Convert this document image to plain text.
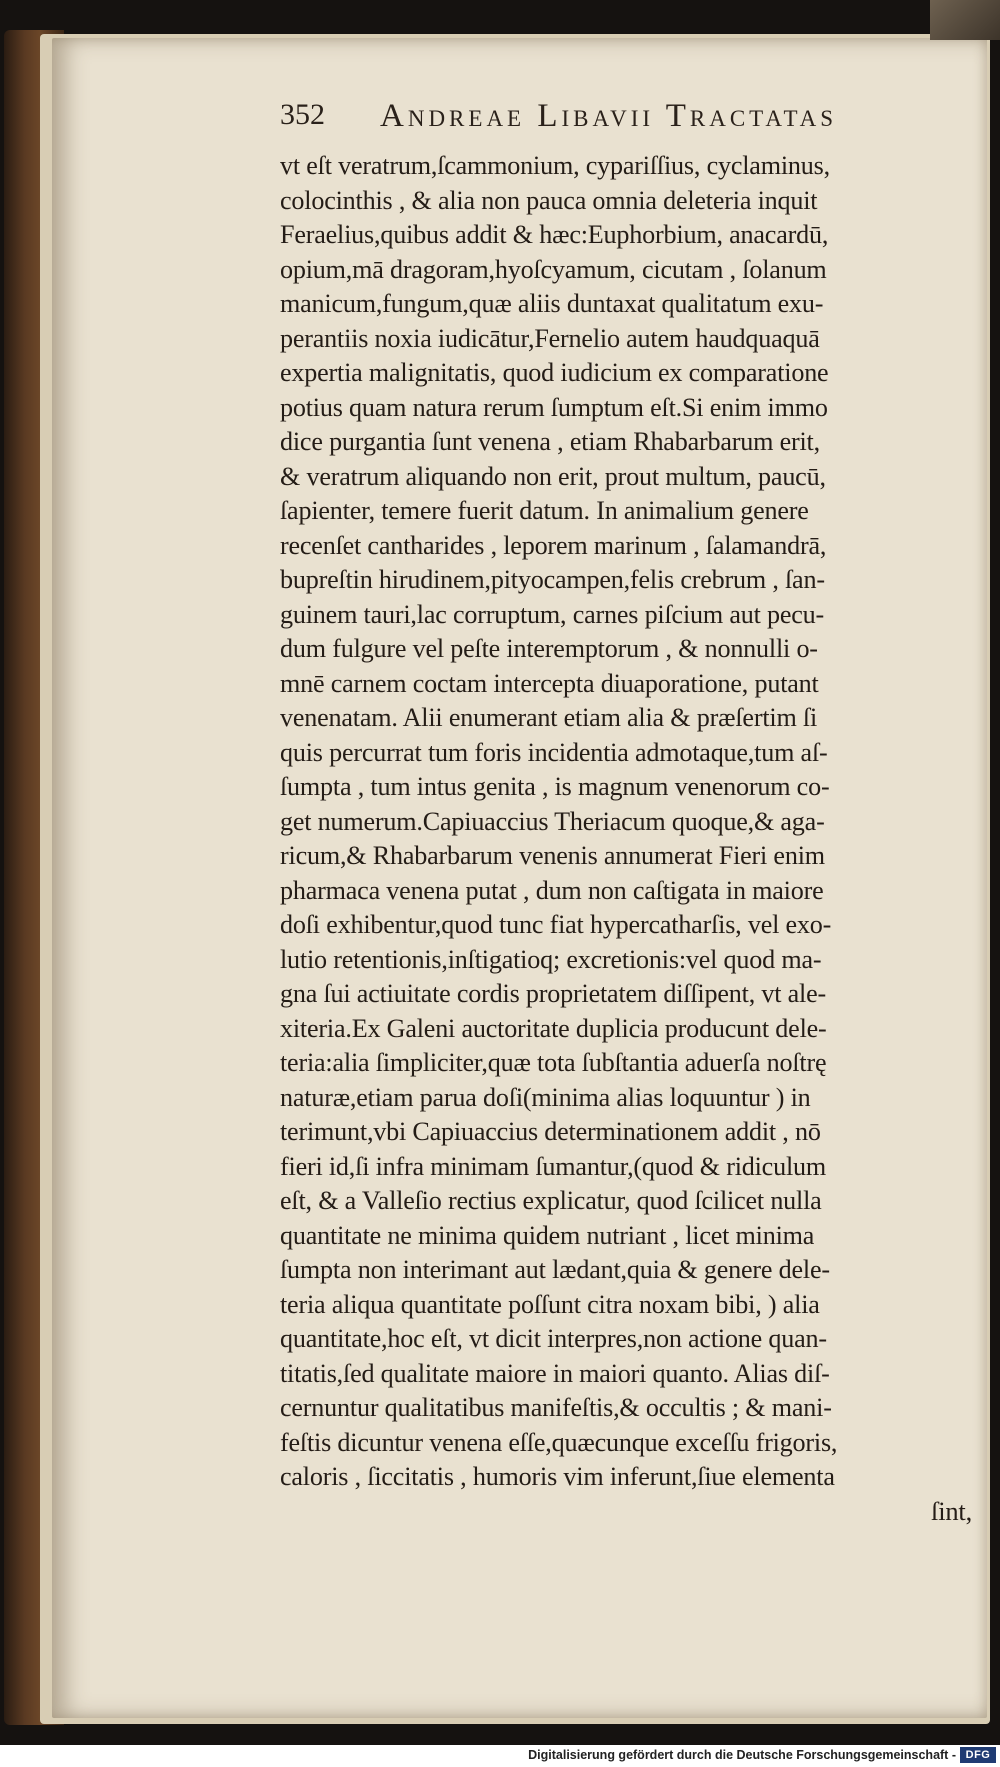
352 Andreae Libavii Tractatas
vt eſt veratrum,ſcammonium, cypariſſius, cyclaminus,
colocinthis , & alia non pauca omnia deleteria inquit
Feraelius,quibus addit & hæc:Euphorbium, anacardū,
opium,mā dragoram,hyoſcyamum, cicutam , ſolanum
manicum,fungum,quæ aliis duntaxat qualitatum exu-
perantiis noxia iudicātur,Fernelio autem haudquaquā
expertia malignitatis, quod iudicium ex comparatione
potius quam natura rerum ſumptum eſt.Si enim immo
dice purgantia ſunt venena , etiam Rhabarbarum erit,
& veratrum aliquando non erit, prout multum, paucū,
ſapienter, temere fuerit datum. In animalium genere
recenſet cantharides , leporem marinum , ſalamandrā,
bupreſtin hirudinem,pityocampen,felis crebrum , ſan-
guinem tauri,lac corruptum, carnes piſcium aut pecu-
dum fulgure vel peſte interemptorum , & nonnulli o-
mnē carnem coctam intercepta diuaporatione, putant
venenatam. Alii enumerant etiam alia & præſertim ſi
quis percurrat tum foris incidentia admotaque,tum aſ-
ſumpta , tum intus genita , is magnum venenorum co-
get numerum.Capiuaccius Theriacum quoque,& aga-
ricum,& Rhabarbarum venenis annumerat Fieri enim
pharmaca venena putat , dum non caſtigata in maiore
doſi exhibentur,quod tunc fiat hypercatharſis, vel exo-
lutio retentionis,inſtigatioq; excretionis:vel quod ma-
gna ſui actiuitate cordis proprietatem diſſipent, vt ale-
xiteria.Ex Galeni auctoritate duplicia producunt dele-
teria:alia ſimpliciter,quæ tota ſubſtantia aduerſa noſtrę
naturæ,etiam parua doſi(minima alias loquuntur ) in
terimunt,vbi Capiuaccius determinationem addit , nō
fieri id,ſi infra minimam ſumantur,(quod & ridiculum
eſt, & a Valleſio rectius explicatur, quod ſcilicet nulla
quantitate ne minima quidem nutriant , licet minima
ſumpta non interimant aut lædant,quia & genere dele-
teria aliqua quantitate poſſunt citra noxam bibi, ) alia
quantitate,hoc eſt, vt dicit interpres,non actione quan-
titatis,ſed qualitate maiore in maiori quanto. Alias diſ-
cernuntur qualitatibus manifeſtis,& occultis ; & mani-
feſtis dicuntur venena eſſe,quæcunque exceſſu frigoris,
caloris , ſiccitatis , humoris vim inferunt,ſiue elementa
ſint,
Digitalisierung gefördert durch die Deutsche Forschungsgemeinschaft - DFG
